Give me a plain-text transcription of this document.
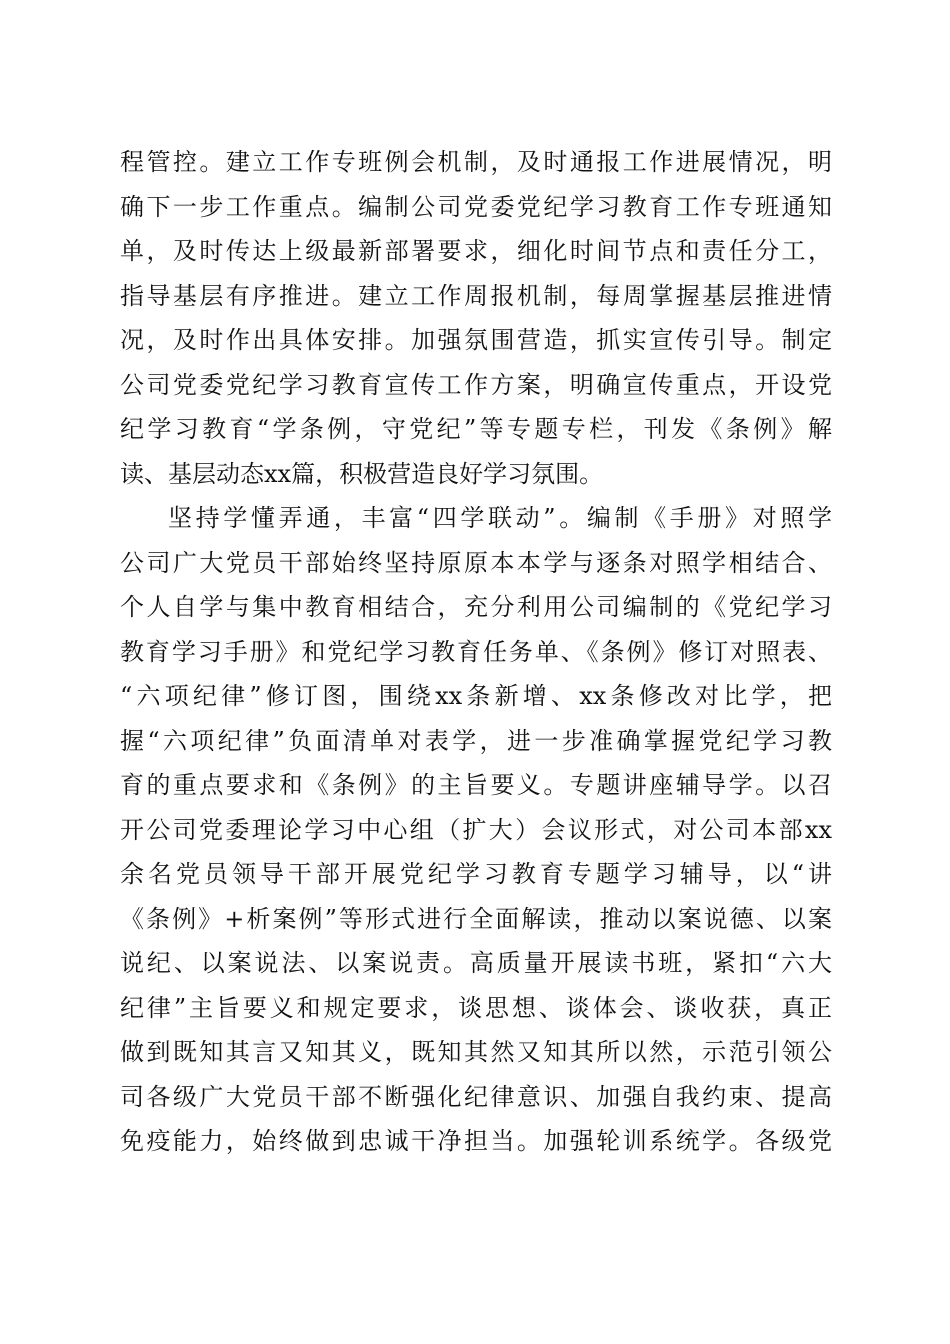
程管控。建立工作专班例会机制，及时通报工作进展情况，明
确下一步工作重点。编制公司党委党纪学习教育工作专班通知
单，及时传达上级最新部署要求，细化时间节点和责任分工，
指导基层有序推进。建立工作周报机制，每周掌握基层推进情
况，及时作出具体安排。加强氛围营造，抓实宣传引导。制定
公司党委党纪学习教育宣传工作方案，明确宣传重点，开设党
纪学习教育“学条例，守党纪”等专题专栏，刊发《条例》解
读、基层动态xx篇，积极营造良好学习氛围。
坚持学懂弄通，丰富“四学联动”。编制《手册》对照学
公司广大党员干部始终坚持原原本本学与逐条对照学相结合、
个人自学与集中教育相结合，充分利用公司编制的《党纪学习
教育学习手册》和党纪学习教育任务单、《条例》修订对照表、
“六项纪律”修订图，围绕xx条新增、xx条修改对比学，把
握“六项纪律”负面清单对表学，进一步准确掌握党纪学习教
育的重点要求和《条例》的主旨要义。专题讲座辅导学。以召
开公司党委理论学习中心组（扩大）会议形式，对公司本部xx
余名党员领导干部开展党纪学习教育专题学习辅导，以“讲
《条例》+析案例”等形式进行全面解读，推动以案说德、以案
说纪、以案说法、以案说责。高质量开展读书班，紧扣“六大
纪律”主旨要义和规定要求，谈思想、谈体会、谈收获，真正
做到既知其言又知其义，既知其然又知其所以然，示范引领公
司各级广大党员干部不断强化纪律意识、加强自我约束、提高
免疫能力，始终做到忠诚干净担当。加强轮训系统学。各级党
